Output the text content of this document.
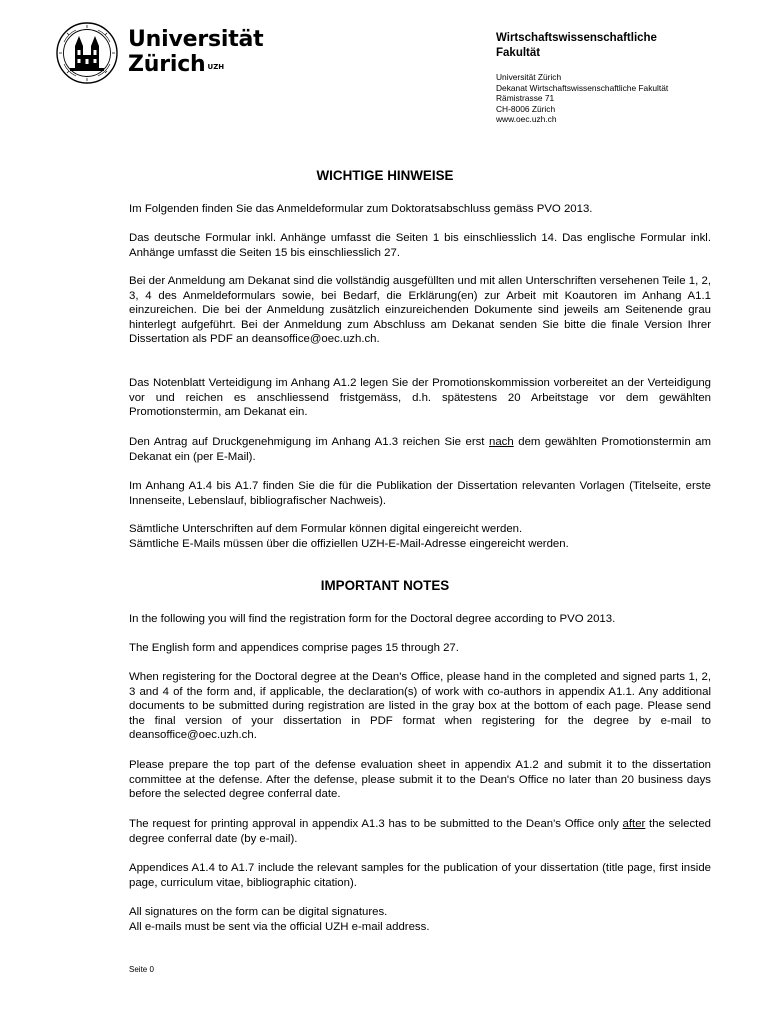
Universität
Zürich $^{UZH}$
Wirtschaftswissenschaftliche
Fakultät
Universität Zürich
Dekanat Wirtschaftswissenschaftliche Fakultät
Rämistrasse 71
CH-8006 Zürich
www.oec.uzh.ch
WICHTIGE HINWEISE

Im Folgenden finden Sie das Anmeldeformular zum Doktoratsabschluss gemäss PVO 2013.

Das deutsche Formular inkl. Anhänge umfasst die Seiten 1 bis einschliesslich 14. Das englische Formular inkl. Anhänge umfasst die Seiten 15 bis einschliesslich 27.

Bei der Anmeldung am Dekanat sind die vollständig ausgefüllten und mit allen Unterschriften versehenen Teile 1, 2, 3, 4 des Anmeldeformulars sowie, bei Bedarf, die Erklärung(en) zur Arbeit mit Koautoren im Anhang A1.1 einzureichen. Die bei der Anmeldung zusätzlich einzureichenden Dokumente sind jeweils am Seitenende grau hinterlegt aufgeführt. Bei der Anmeldung zum Abschluss am Dekanat senden Sie bitte die finale Version Ihrer Dissertation als PDF an deansoffice@oec.uzh.ch.

Das Notenblatt Verteidigung im Anhang A1.2 legen Sie der Promotionskommission vorbereitet an der Verteidigung vor und reichen es anschliessend fristgemäss, d.h. spätestens 20 Arbeitstage vor dem gewählten Promotionstermin, am Dekanat ein.

Den Antrag auf Druckgenehmigung im Anhang A1.3 reichen Sie erst nach dem gewählten Promotionstermin am Dekanat ein (per E-Mail).

Im Anhang A1.4 bis A1.7 finden Sie die für die Publikation der Dissertation relevanten Vorlagen (Titelseite, erste Innenseite, Lebenslauf, bibliografischer Nachweis).

Sämtliche Unterschriften auf dem Formular können digital eingereicht werden.
Sämtliche E-Mails müssen über die offiziellen UZH-E-Mail-Adresse eingereicht werden.

IMPORTANT NOTES

In the following you will find the registration form for the Doctoral degree according to PVO 2013.

The English form and appendices comprise pages 15 through 27.

When registering for the Doctoral degree at the Dean's Office, please hand in the completed and signed parts 1, 2, 3 and 4 of the form and, if applicable, the declaration(s) of work with co-authors in appendix A1.1. Any additional documents to be submitted during registration are listed in the gray box at the bottom of each page. Please send the final version of your dissertation in PDF format when registering for the degree by e-mail to deansoffice@oec.uzh.ch.

Please prepare the top part of the defense evaluation sheet in appendix A1.2 and submit it to the dissertation committee at the defense. After the defense, please submit it to the Dean's Office no later than 20 business days before the selected degree conferral date.

The request for printing approval in appendix A1.3 has to be submitted to the Dean's Office only after the selected degree conferral date (by e-mail).

Appendices A1.4 to A1.7 include the relevant samples for the publication of your dissertation (title page, first inside page, curriculum vitae, bibliographic citation).

All signatures on the form can be digital signatures.
All e-mails must be sent via the official UZH e-mail address.

Seite 0
